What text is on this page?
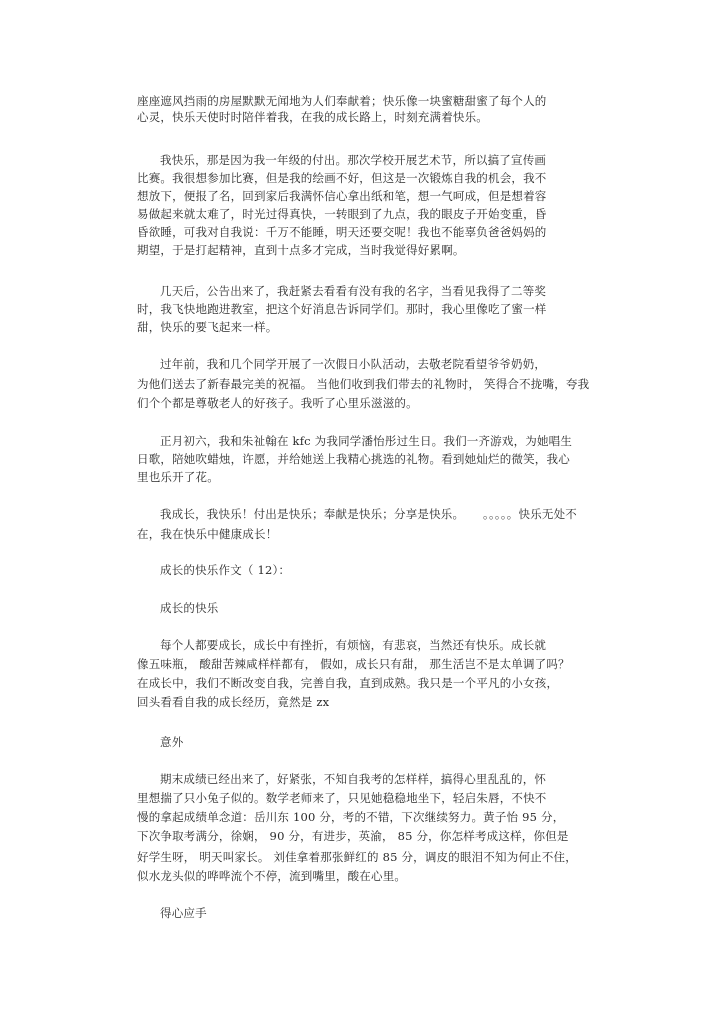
座座遮风挡雨的房屋默默无闻地为人们奉献着；快乐像一块蜜糖甜蜜了每个人的
心灵，快乐天使时时陪伴着我，在我的成长路上，时刻充满着快乐。
我快乐，那是因为我一年级的付出。那次学校开展艺术节，所以搞了宣传画
比赛。我很想参加比赛，但是我的绘画不好，但这是一次锻炼自我的机会，我不
想放下，便报了名，回到家后我满怀信心拿出纸和笔，想一气呵成，但是想着容
易做起来就太难了，时光过得真快，一转眼到了九点，我的眼皮子开始变重，昏
昏欲睡，可我对自我说：千万不能睡，明天还要交呢！我也不能辜负爸爸妈妈的
期望，于是打起精神，直到十点多才完成，当时我觉得好累啊。
几天后，公告出来了，我赶紧去看看有没有我的名字，当看见我得了二等奖
时，我飞快地跑进教室，把这个好消息告诉同学们。那时，我心里像吃了蜜一样
甜，快乐的要飞起来一样。
过年前，我和几个同学开展了一次假日小队活动，去敬老院看望爷爷奶奶，
为他们送去了新春最完美的祝福。 当他们收到我们带去的礼物时， 笑得合不拢嘴，夸我
们个个都是尊敬老人的好孩子。我听了心里乐滋滋的。
正月初六，我和朱祉翰在 kfc 为我同学潘怡彤过生日。我们一齐游戏，为她唱生
日歌，陪她吹蜡烛，许愿，并给她送上我精心挑选的礼物。看到她灿烂的微笑，我心
里也乐开了花。
我成长，我快乐！付出是快乐；奉献是快乐；分享是快乐。 。。。。。快乐无处不
在，我在快乐中健康成长！
成长的快乐作文（ 12）：
成长的快乐
每个人都要成长，成长中有挫折，有烦恼，有悲哀，当然还有快乐。成长就
像五味瓶， 酸甜苦辣咸样样都有， 假如，成长只有甜， 那生活岂不是太单调了吗？
在成长中，我们不断改变自我，完善自我，直到成熟。我只是一个平凡的小女孩，
回头看看自我的成长经历，竟然是 zx
意外
期末成绩已经出来了，好紧张，不知自我考的怎样样，搞得心里乱乱的，怀
里想揣了只小兔子似的。数学老师来了，只见她稳稳地坐下，轻启朱唇，不快不
慢的拿起成绩单念道：岳川东 100 分，考的不错，下次继续努力。黄子怡 95 分，
下次争取考满分，徐娴， 90 分，有进步，英渝， 85 分，你怎样考成这样，你但是
好学生呀， 明天叫家长。 刘佳拿着那张鲜红的 85 分，调皮的眼泪不知为何止不住，
似水龙头似的哗哗流个不停，流到嘴里，酸在心里。
得心应手
